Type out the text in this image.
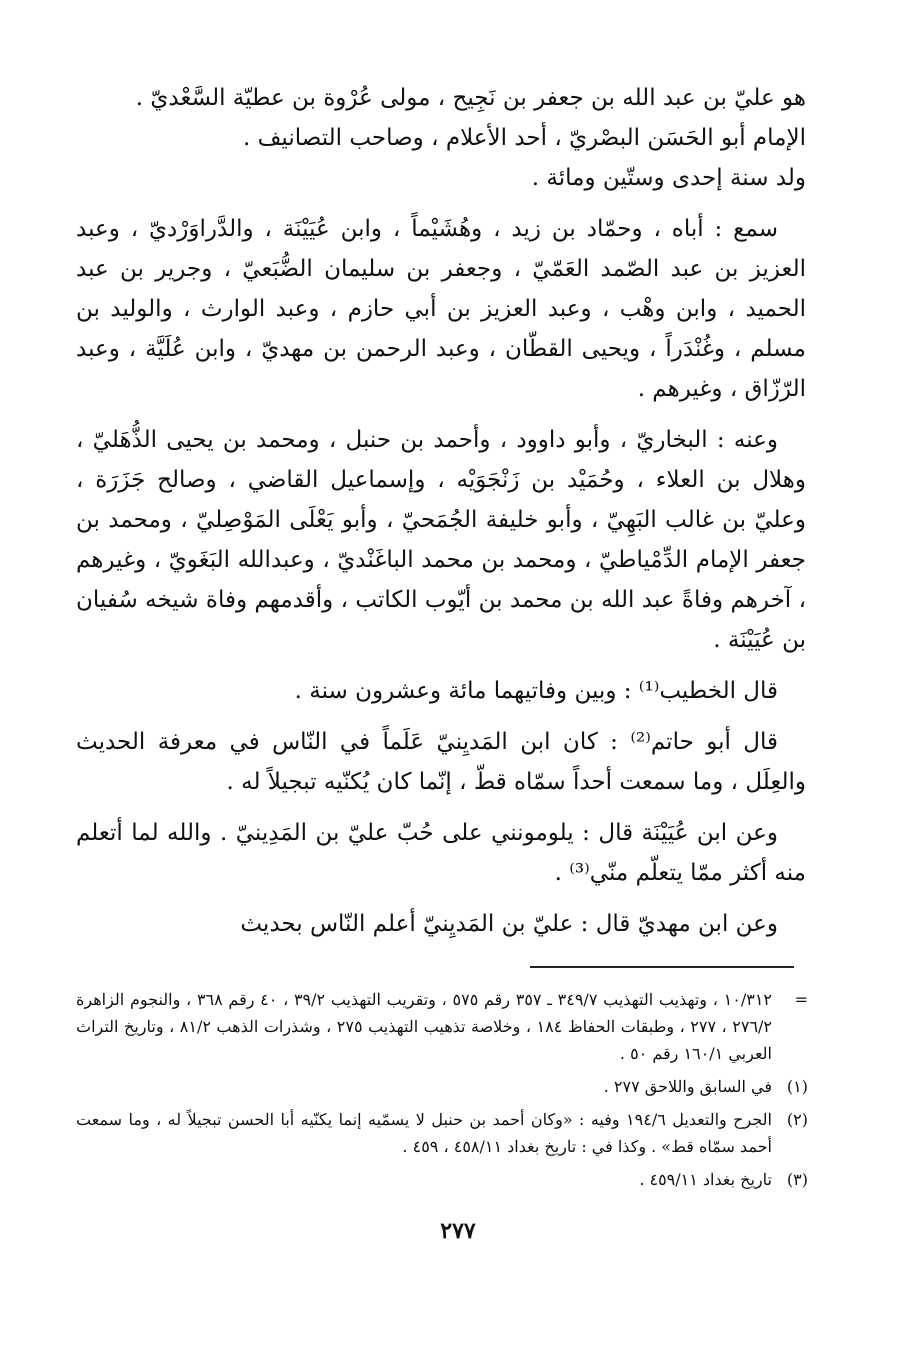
هو عليّ بن عبد الله بن جعفر بن نَجِيح ، مولى عُرْوة بن عطيّة السَّعْديّ .

الإمام أبو الحَسَن البصْريّ ، أحد الأعلام ، وصاحب التصانيف .

ولد سنة إحدى وستّين ومائة .

سمع : أباه ، وحمّاد بن زيد ، وهُشَيْماً ، وابن عُيَيْنَة ، والدَّراوَرْديّ ، وعبد العزيز بن عبد الصّمد العَمّيّ ، وجعفر بن سليمان الضُّبَعيّ ، وجرير بن عبد الحميد ، وابن وهْب ، وعبد العزيز بن أبي حازم ، وعبد الوارث ، والوليد بن مسلم ، وغُنْدَراً ، ويحيى القطّان ، وعبد الرحمن بن مهديّ ، وابن عُلَيَّة ، وعبد الرّزّاق ، وغيرهم .

وعنه : البخاريّ ، وأبو داوود ، وأحمد بن حنبل ، ومحمد بن يحيى الذُّهَليّ ، وهلال بن العلاء ، وحُمَيْد بن زَنْجَوَيْه ، وإسماعيل القاضي ، وصالح جَزَرَة ، وعليّ بن غالب البَهِيّ ، وأبو خليفة الجُمَحيّ ، وأبو يَعْلَى المَوْصِليّ ، ومحمد بن جعفر الإمام الدِّمْياطيّ ، ومحمد بن محمد الباغَنْديّ ، وعبدالله البَغَويّ ، وغيرهم ، آخرهم وفاةً عبد الله بن محمد بن أيّوب الكاتب ، وأقدمهم وفاة شيخه سُفيان بن عُيَيْنَة .

قال الخطيب⁽¹⁾ : وبين وفاتيهما مائة وعشرون سنة .

قال أبو حاتم⁽²⁾ : كان ابن المَديِنيّ عَلَماً في النّاس في معرفة الحديث والعِلَل ، وما سمعت أحداً سمّاه قطّ ، إنّما كان يُكنّيه تبجيلاً له .

وعن ابن عُيَيْنَة قال : يلومونني على حُبّ عليّ بن المَدِينيّ . والله لما أتعلم منه أكثر ممّا يتعلّم منّي⁽³⁾ .

وعن ابن مهديّ قال : عليّ بن المَديِنيّ أعلم النّاس بحديث

=
١٠/٣١٢ ، وتهذيب التهذيب ٣٤٩/٧ ـ ٣٥٧ رقم ٥٧٥ ، وتقريب التهذيب ٣٩/٢ ، ٤٠ رقم ٣٦٨ ، والنجوم الزاهرة ٢٧٦/٢ ، ٢٧٧ ، وطبقات الحفاظ ١٨٤ ، وخلاصة تذهيب التهذيب ٢٧٥ ، وشذرات الذهب ٨١/٢ ، وتاريخ التراث العربي ١٦٠/١ رقم ٥٠ .
(١)
في السابق واللاحق ٢٧٧ .
(٢)
الجرح والتعديل ١٩٤/٦ وفيه : «وكان أحمد بن حنبل لا يسمّيه إنما يكنّيه أبا الحسن تبجيلاً له ، وما سمعت أحمد سمّاه قط» . وكذا في : تاريخ بغداد ٤٥٨/١١ ، ٤٥٩ .
(٣)
تاريخ بغداد ٤٥٩/١١ .
٢٧٧
